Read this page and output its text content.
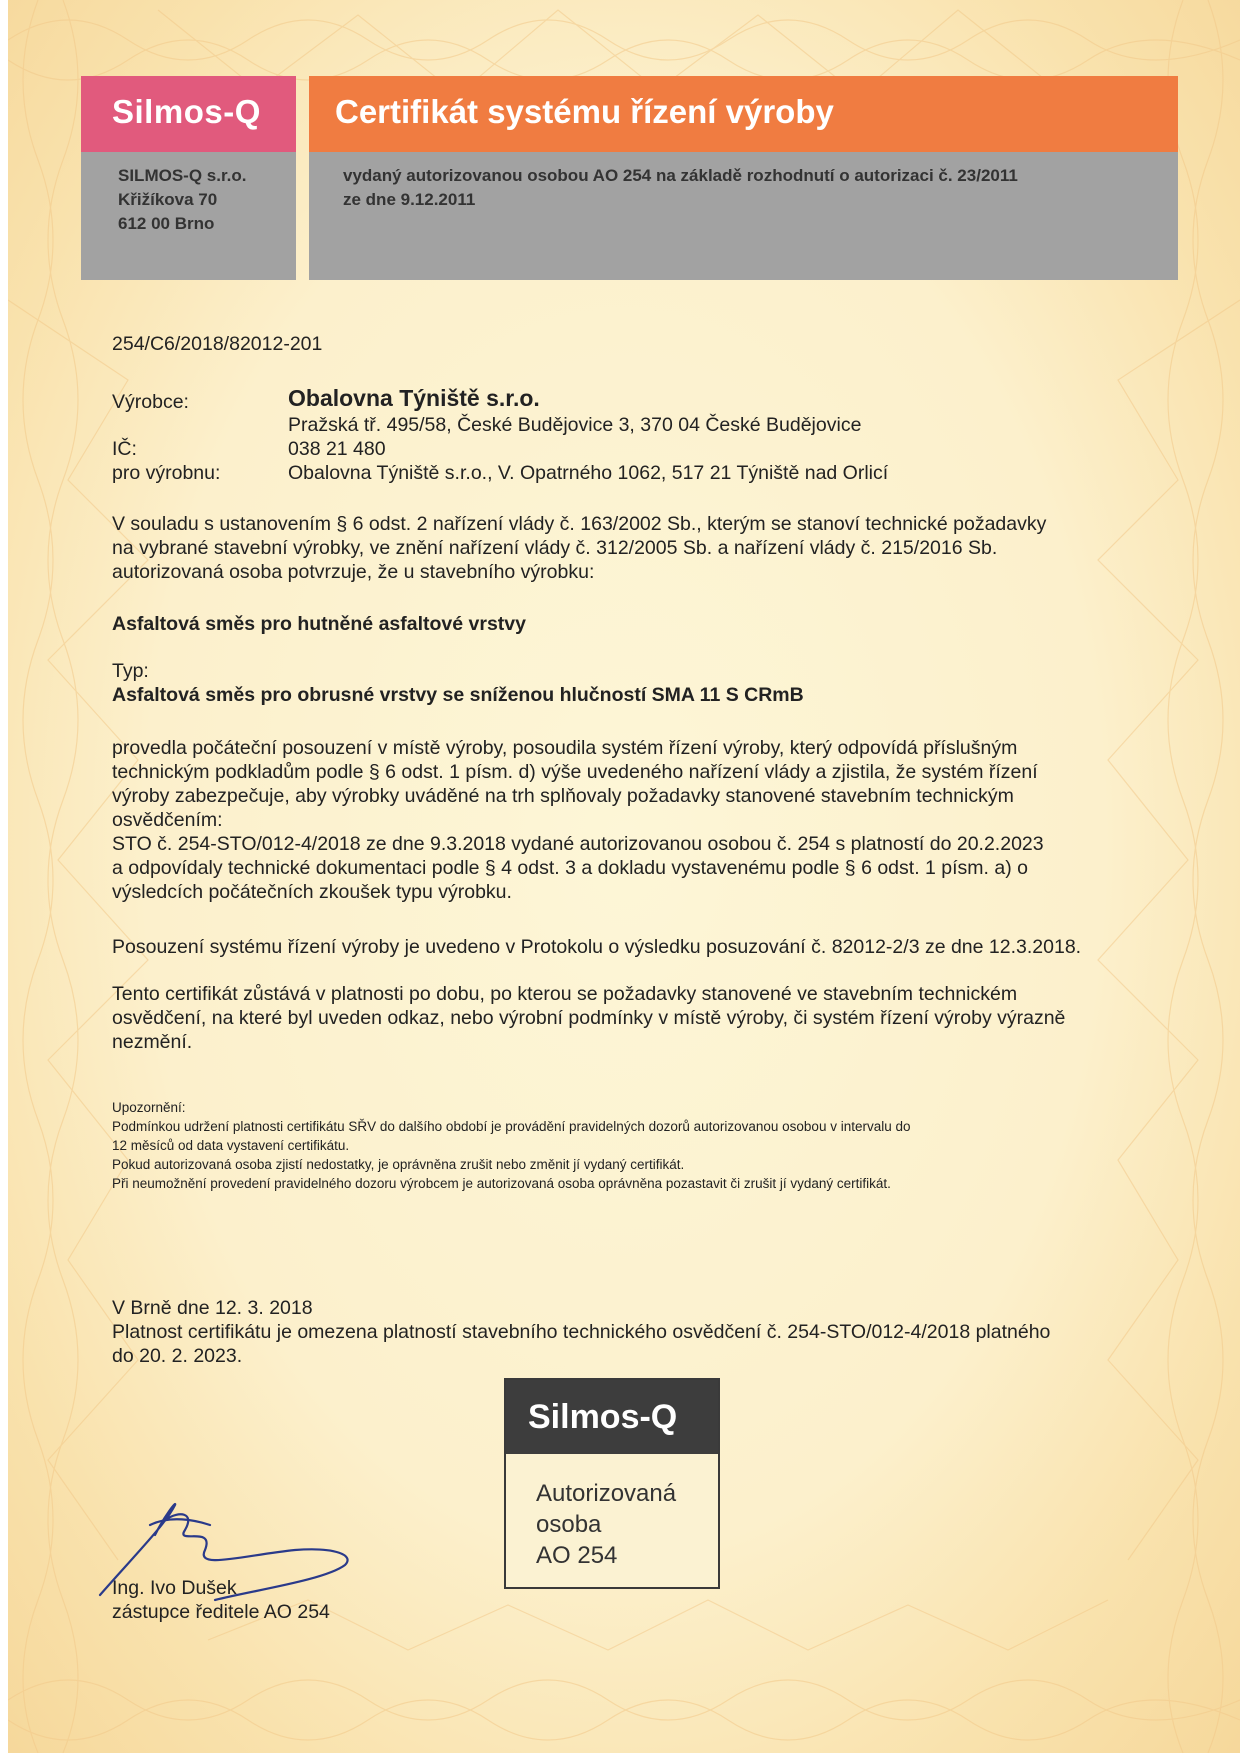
Silmos-Q Certifikát systému řízení výroby
SILMOS-Q s.r.o.
Křižíkova 70
612 00 Brno
vydaný autorizovanou osobou AO 254 na základě rozhodnutí o autorizaci č. 23/2011
ze dne 9.12.2011
254/C6/2018/82012-201
Výrobce:	Obalovna Týniště s.r.o.
Pražská tř. 495/58, České Budějovice 3, 370 04 České Budějovice
IČ:	038 21 480
pro výrobnu:	Obalovna Týniště s.r.o., V. Opatrného 1062, 517 21 Týniště nad Orlicí
V souladu s ustanovením § 6 odst. 2 nařízení vlády č. 163/2002 Sb., kterým se stanoví technické požadavky
na vybrané stavební výrobky, ve znění nařízení vlády č. 312/2005 Sb. a nařízení vlády č. 215/2016 Sb.
autorizovaná osoba potvrzuje, že u stavebního výrobku:
Asfaltová směs pro hutněné asfaltové vrstvy
Typ:
Asfaltová směs pro obrusné vrstvy se sníženou hlučností SMA 11 S CRmB
provedla počáteční posouzení v místě výroby, posoudila systém řízení výroby, který odpovídá příslušným
technickým podkladům podle § 6 odst. 1 písm. d) výše uvedeného nařízení vlády a zjistila, že systém řízení
výroby zabezpečuje, aby výrobky uváděné na trh splňovaly požadavky stanovené stavebním technickým
osvědčením:
STO č. 254-STO/012-4/2018 ze dne 9.3.2018 vydané autorizovanou osobou č. 254 s platností do 20.2.2023
a odpovídaly technické dokumentaci podle § 4 odst. 3 a dokladu vystavenému podle § 6 odst. 1 písm. a) o
výsledcích počátečních zkoušek typu výrobku.
Posouzení systému řízení výroby je uvedeno v Protokolu o výsledku posuzování č. 82012-2/3 ze dne 12.3.2018.
Tento certifikát zůstává v platnosti po dobu, po kterou se požadavky stanovené ve stavebním technickém
osvědčení, na které byl uveden odkaz, nebo výrobní podmínky v místě výroby, či systém řízení výroby výrazně
nezmění.
Upozornění:
Podmínkou udržení platnosti certifikátu SŘV do dalšího období je provádění pravidelných dozorů autorizovanou osobou v intervalu do
12 měsíců od data vystavení certifikátu.
Pokud autorizovaná osoba zjistí nedostatky, je oprávněna zrušit nebo změnit jí vydaný certifikát.
Při neumožnění provedení pravidelného dozoru výrobcem je autorizovaná osoba oprávněna pozastavit či zrušit jí vydaný certifikát.
V Brně dne 12. 3. 2018
Platnost certifikátu je omezena platností stavebního technického osvědčení č. 254-STO/012-4/2018 platného
do 20. 2. 2023.
Silmos-Q
Autorizovaná
osoba
AO 254
Ing. Ivo Dušek
zástupce ředitele AO 254
